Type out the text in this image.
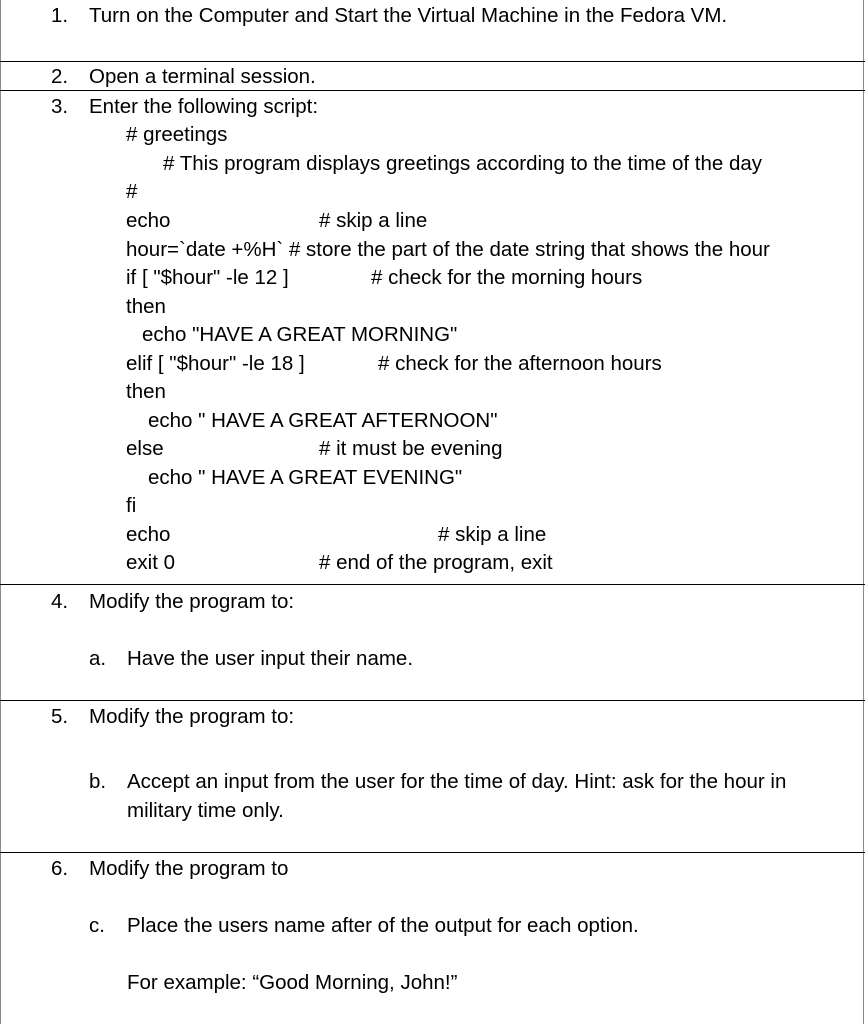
1. Turn on the Computer and Start the Virtual Machine in the Fedora VM.
2. Open a terminal session.
3. Enter the following script:
# greetings
# This program displays greetings according to the time of the day
#
echo	# skip a line
hour=`date +%H` # store the part of the date string that shows the hour
if [ "$hour" -le 12 ]	# check for the morning hours
then
echo "HAVE A GREAT MORNING"
elif [ "$hour" -le 18 ]	# check for the afternoon hours
then
echo " HAVE A GREAT AFTERNOON"
else	# it must be evening
echo " HAVE A GREAT EVENING"
fi
echo	# skip a line
exit 0	# end of the program, exit
4. Modify the program to:
a. Have the user input their name.
5. Modify the program to:
b. Accept an input from the user for the time of day. Hint: ask for the hour in
military time only.
6. Modify the program to
c. Place the users name after of the output for each option.
For example: “Good Morning, John!”
